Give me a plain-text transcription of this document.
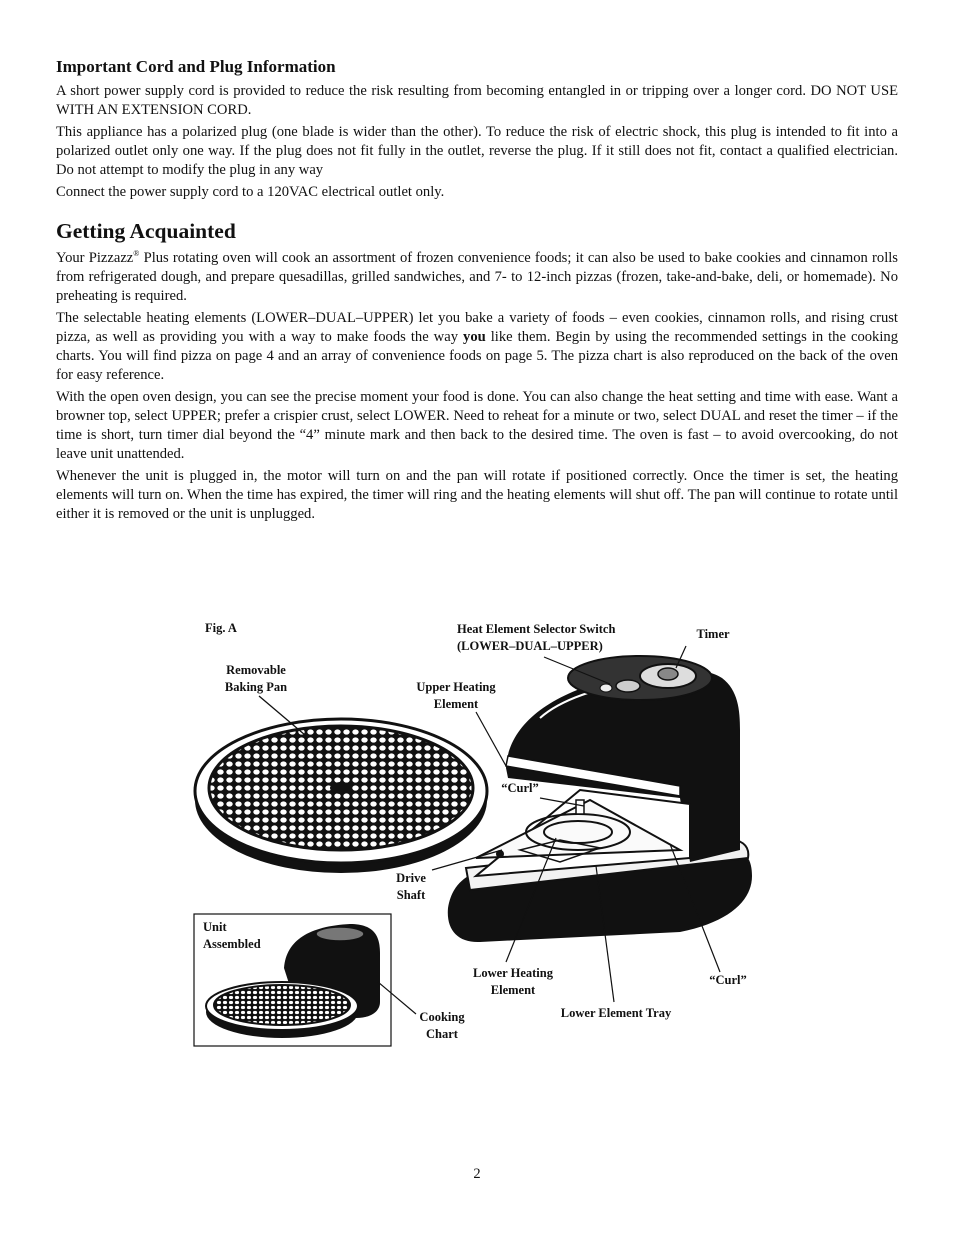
Important Cord and Plug Information

A short power supply cord is provided to reduce the risk resulting from becoming entangled in or tripping over a longer cord. DO NOT USE WITH AN EXTENSION CORD.

This appliance has a polarized plug (one blade is wider than the other). To reduce the risk of electric shock, this plug is intended to fit into a polarized outlet only one way. If the plug does not fit fully in the outlet, reverse the plug. If it still does not fit, contact a qualified electrician. Do not attempt to modify the plug in any way

Connect the power supply cord to a 120VAC electrical outlet only.

Getting Acquainted

Your Pizzazz® Plus rotating oven will cook an assortment of frozen convenience foods; it can also be used to bake cookies and cinnamon rolls from refrigerated dough, and prepare quesadillas, grilled sandwiches, and 7- to 12-inch pizzas (frozen, take-and-bake, deli, or homemade). No preheating is required.

The selectable heating elements (LOWER–DUAL–UPPER) let you bake a variety of foods – even cookies, cinnamon rolls, and rising crust pizza, as well as providing you with a way to make foods the way you like them. Begin by using the recommended settings in the cooking charts. You will find pizza on page 4 and an array of convenience foods on page 5. The pizza chart is also reproduced on the back of the oven for easy reference.

With the open oven design, you can see the precise moment your food is done. You can also change the heat setting and time with ease. Want a browner top, select UPPER; prefer a crispier crust, select LOWER. Need to reheat for a minute or two, select DUAL and reset the timer – if the time is short, turn timer dial beyond the “4” minute mark and then back to the desired time. The oven is fast – to avoid overcooking, do not leave unit unattended.

Whenever the unit is plugged in, the motor will turn on and the pan will rotate if positioned correctly. Once the timer is set, the heating elements will turn on. When the time has expired, the timer will ring and the heating elements will shut off. The pan will continue to rotate until either it is removed or the unit is unplugged.

Fig. A
Removable
Baking Pan
Heat Element Selector Switch
(LOWER–DUAL–UPPER)
Timer
Upper Heating
Element
“Curl”
Drive
Shaft
Unit
Assembled
Lower Heating
Element
“Curl”
Cooking
Chart
Lower Element Tray
2
